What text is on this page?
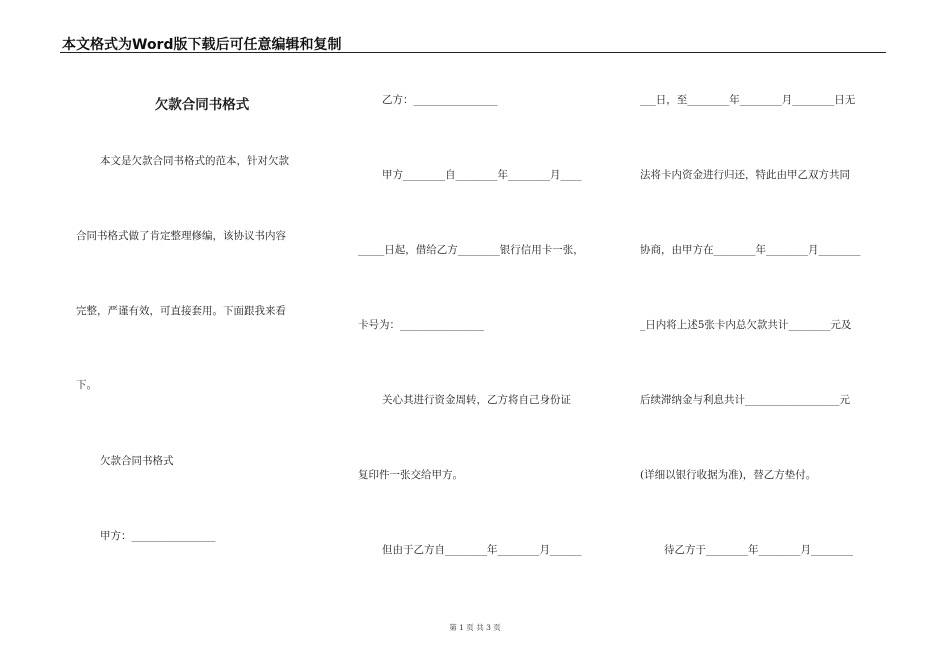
本文格式为Word版下载后可任意编辑和复制
欠款合同书格式
本文是欠款合同书格式的范本，针对欠款
合同书格式做了肯定整理修编，该协议书内容
完整，严谨有效，可直接套用。下面跟我来看
下。
欠款合同书格式
甲方：________________
乙方：________________
甲方________自________年________月____
_____日起，借给乙方________银行信用卡一张，
卡号为：________________
关心其进行资金周转，乙方将自己身份证
复印件一张交给甲方。
但由于乙方自________年________月______
___日，至________年________月________日无
法将卡内资金进行归还，特此由甲乙双方共同
协商，由甲方在________年________月________
_日内将上述5张卡内总欠款共计________元及
后续滞纳金与利息共计__________________元
(详细以银行收据为准)，替乙方垫付。
待乙方于________年________月________
第 1 页 共 3 页
